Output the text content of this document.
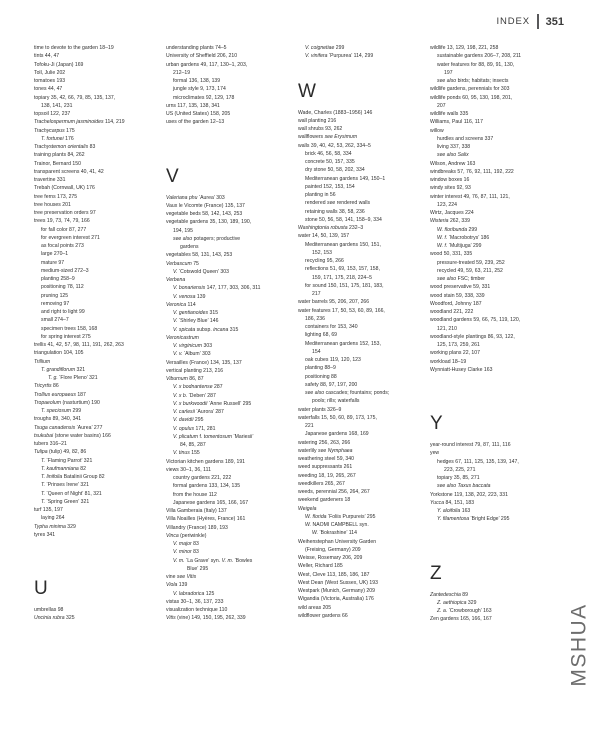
INDEX 351
time to devote to the garden 18–19
tints 44, 47
Tofoku-Ji (Japan) 169
Toll, Julie 202
tomatoes 193
tones 44, 47
topiary 35, 42, 66, 79, 85, 135, 137,
138, 141, 231
topsoil 122, 237
Trachelospermum jasminoides 114, 219
Trachycarpus 175
T. fortunei 176
Trachystemon orientalis 83
training plants 84, 262
Trainor, Bernard 150
transparent screens 40, 41, 42
travertine 331
Trebah (Cornwall, UK) 176
tree ferns 173, 275
tree houses 201
tree preservation orders 97
trees 19, 73, 74, 79, 166
for fall color 87, 277
for evergreen interest 271
as focal points 273
large 270–1
mature 97
medium-sized 272–3
planting 258–9
positioning 78, 112
pruning 125
removing 97
and right to light 99
small 274–7
specimen trees 158, 168
for spring interest 275
trellis 41, 42, 57, 98, 111, 191, 262, 263
triangulation 104, 105
Trillium
T. grandiflorum 321
T. g. ‘Flore Pleno’ 321
Tricyrtis 86
Trollius europaeus 187
Tropaeolum (nasturtium) 190
T. speciosum 299
troughs 89, 340, 341
Tsuga canadensis ‘Aurea’ 277
tsukubai (stone water basins) 166
tubers 316–21
Tulipa (tulip) 49, 82, 86
T. ‘Flaming Parrot’ 321
T. kaufmanniana 82
T. linifolia Batalinii Group 82
T. ‘Prinses Irene’ 321
T. ‘Queen of Night’ 81, 321
T. ‘Spring Green’ 321
turf 135, 197
laying 264
Typha minima 329
tyres 341
U
umbrellas 98
Uncinia rubra 325
understanding plants 74–5
University of Sheffield 206, 210
urban gardens 49, 117, 130–1, 203,
212–19
formal 136, 138, 139
jungle style 9, 173, 174
microclimates 92, 129, 178
urns 117, 135, 138, 341
US (United States) 158, 205
uses of the garden 12–13
V
Valeriana phu ‘Aurea’ 303
Vaux le Vicomte (France) 135, 137
vegetable beds 58, 142, 143, 253
vegetable gardens 35, 130, 189, 190,
194, 195
see also potagers; productive
gardens
vegetables 58, 131, 143, 253
Verbascum 75
V. ‘Cotswold Queen’ 303
Verbena
V. bonariensis 147, 177, 303, 306, 311
V. venosa 139
Veronica 114
V. gentianoides 315
V. ‘Shirley Blue’ 146
V. spicata subsp. incana 315
Veronicastrum
V. virginicum 303
V. v. ‘Album’ 303
Versailles (France) 134, 135, 137
vertical planting 213, 216
Viburnum 86, 87
V. x bodnantense 287
V. x b. ‘Deben’ 287
V. x burkwoodii ‘Anne Russell’ 295
V. carlesii ‘Aurora’ 287
V. davidii 295
V. opulus 171, 281
V. plicatum f. tomentosum ‘Mariesii’
84, 85, 287
V. tinus 155
Victorian kitchen gardens 189, 191
views 30–1, 36, 111
country gardens 221, 222
formal gardens 133, 134, 135
from the house 112
Japanese gardens 165, 166, 167
Villa Gamberaia (Italy) 137
Villa Noailles (Hyères, France) 161
Villandry (France) 189, 193
Vinca (periwinkle)
V. major 83
V. minor 83
V. m. ‘La Grave’ syn. V. m. ‘Bowles
Blue’ 295
vine see Vitis
Viola 139
V. labradorica 125
vistas 30–1, 36, 137, 233
visualization technique 110
Vitis (vine) 149, 150, 195, 262, 339
V. coignetiae 299
V. vinifera ‘Purpurea’ 114, 299
W
Wade, Charles (1883–1956) 146
wall planting 216
wall shrubs 93, 262
wallflowers see Erysimum
walls 39, 40, 42, 53, 262, 334–5
brick 46, 56, 58, 334
concrete 50, 157, 335
dry stone 50, 58, 202, 334
Mediterranean gardens 149, 150–1
painted 152, 153, 154
planting in 56
rendered see rendered walls
retaining walls 38, 58, 236
stone 50, 56, 58, 141, 158–9, 334
Washingtonia robusta 232–3
water 14, 50, 139, 157
Mediterranean gardens 150, 151,
152, 153
recycling 95, 266
reflections 51, 69, 153, 157, 158,
159, 171, 175, 218, 224–5
for sound 150, 151, 175, 181, 183,
217
water barrels 95, 206, 207, 266
water features 17, 50, 53, 60, 89, 166,
186, 236
containers for 153, 340
lighting 68, 69
Mediterranean gardens 152, 153,
154
oak cubes 119, 120, 123
planting 88–9
positioning 88
safety 88, 97, 197, 200
see also cascades; fountains; ponds;
pools; rills; waterfalls
water plants 326–9
waterfalls 15, 50, 60, 89, 173, 175,
221
Japanese gardens 168, 169
watering 256, 263, 266
waterlily see Nymphaea
weathering steel 59, 340
weed suppressants 261
weeding 18, 19, 265, 267
weedkillers 265, 267
weeds, perennial 256, 264, 267
weekend gardeners 18
Weigela
W. florida ‘Foliis Purpureis’ 295
W. NAOMI CAMPBELL syn.
W. ‘Bokrashine’ 114
Weihenstephan University Garden
(Freising, Germany) 209
Weisse, Rosemary 206, 209
Weller, Richard 185
West, Cleve 113, 185, 186, 187
West Dean (West Sussex, UK) 193
Westpark (Munich, Germany) 209
Wigandia (Victoria, Australia) 176
wild areas 205
wildflower gardens 66
wildlife 13, 129, 198, 221, 258
sustainable gardens 206–7, 208, 211
water features for 88, 89, 91, 130,
197
see also birds; habitats; insects
wildlife gardens, perennials for 303
wildlife ponds 60, 95, 130, 198, 201,
207
wildlife walls 335
Williams, Paul 116, 117
willow
hurdles and screens 337
living 337, 338
see also Salix
Wilson, Andrew 163
windbreaks 57, 76, 92, 111, 192, 222
window boxes 16
windy sites 92, 93
winter interest 49, 76, 87, 111, 121,
123, 224
Wirtz, Jacques 224
Wisteria 262, 339
W. floribunda 299
W. f. ‘Macrobotrys’ 186
W. f. ‘Multijuga’ 299
wood 50, 331, 335
pressure-treated 59, 239, 252
recycled 49, 59, 63, 211, 252
see also FSC; timber
wood preservative 59, 331
wood stain 59, 338, 339
Woodford, Johnny 187
woodland 221, 222
woodland gardens 59, 66, 75, 119, 120,
121, 210
woodland-style plantings 86, 93, 122,
125, 173, 259, 261
working plans 22, 107
workload 18–19
Wynniatt-Husey Clarke 163
Y
year-round interest 79, 87, 111, 116
yew
hedges 67, 111, 125, 135, 139, 147,
223, 225, 271
topiary 35, 85, 271
see also Taxus baccata
Yorkstone 119, 138, 202, 223, 331
Yucca 84, 151, 183
Y. aloifolia 163
Y. filamentosa ‘Bright Edge’ 295
Z
Zantedeschia 89
Z. aethiopica 329
Z. a. ‘Crowborough’ 163
Zen gardens 165, 166, 167	MSHUA
